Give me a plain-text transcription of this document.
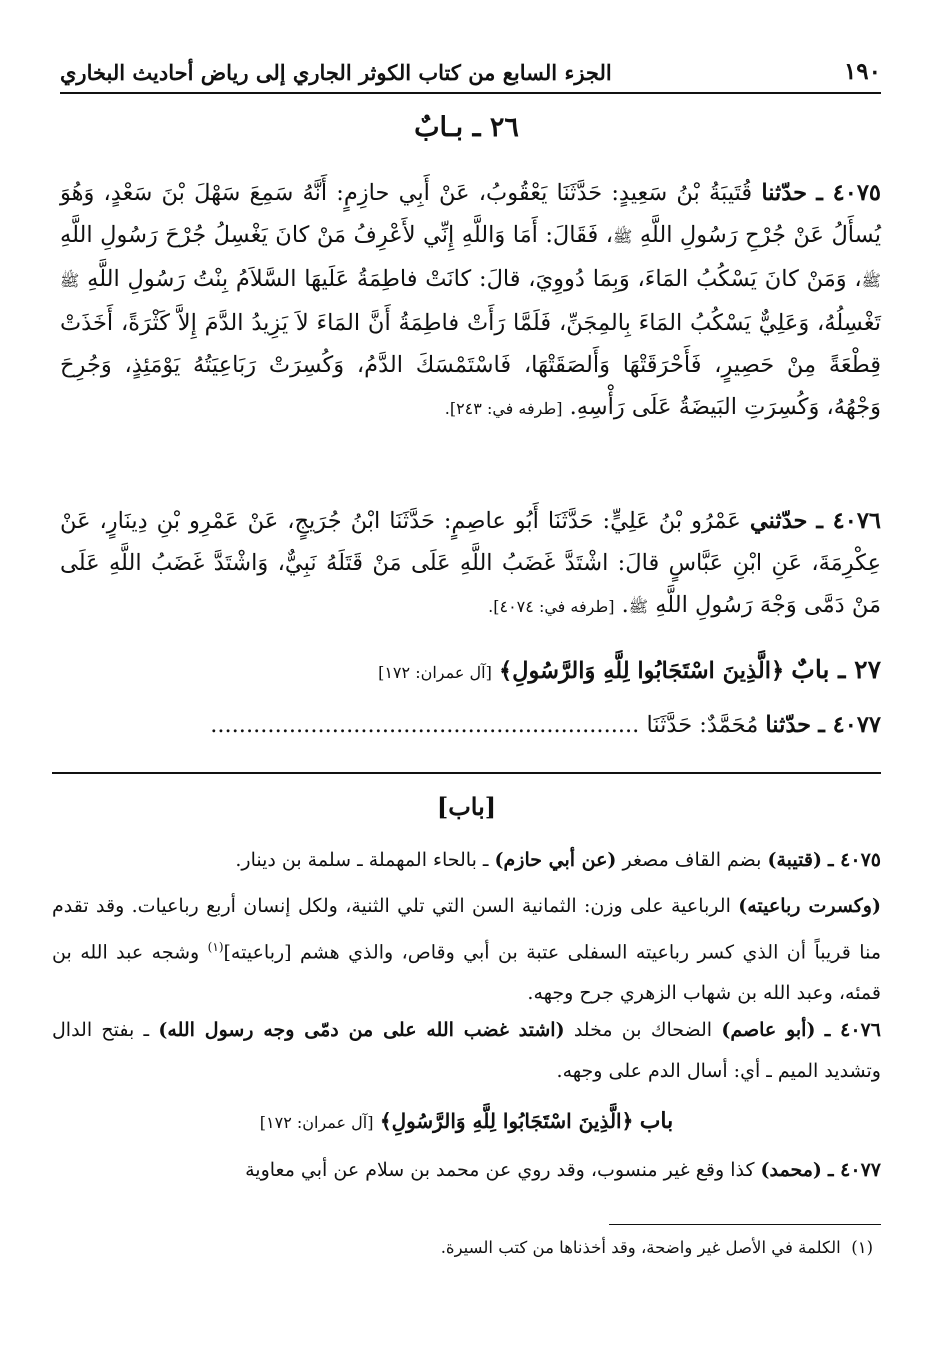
١٩٠
الجزء السابع من كتاب الكوثر الجاري إلى رياض أحاديث البخاري
٢٦ ـ بـابٌ
٤٠٧٥ ـ حدّثنا قُتَيبَةُ بْنُ سَعِيدٍ: حَدَّثَنَا يَعْقُوبُ، عَنْ أَبِي حازِمٍ: أَنَّهُ سَمِعَ سَهْلَ بْنَ سَعْدٍ، وَهُوَ يُسأَلُ عَنْ جُرْحِ رَسُولِ اللَّهِ ﷺ، فَقَالَ: أَمَا وَاللَّهِ إِنِّي لأَعْرِفُ مَنْ كانَ يَغْسِلُ جُرْحَ رَسُولِ اللَّهِ ﷺ، وَمَنْ كانَ يَسْكُبُ المَاءَ، وَبِمَا دُووِيَ، قالَ: كانَتْ فاطِمَةُ عَلَيهَا السَّلاَمُ بِنْتُ رَسُولِ اللَّهِ ﷺ تَغْسِلُهُ، وَعَلِيٌّ يَسْكُبُ المَاءَ بِالمِجَنِّ، فَلَمَّا رَأَتْ فاطِمَةُ أَنَّ المَاءَ لاَ يَزِيدُ الدَّمَ إِلاَّ كَثْرَةً، أَخَذَتْ قِطْعَةً مِنْ حَصِيرٍ، فَأَحْرَقَتْهَا وَأَلصَقَتْهَا، فَاسْتَمْسَكَ الدَّمُ، وَكُسِرَتْ رَبَاعِيَتُهُ يَوْمَئِذٍ، وَجُرِحَ وَجْهُهُ، وَكُسِرَتِ البَيضَةُ عَلَى رَأْسِهِ. [طرفه في: ٢٤٣].
٤٠٧٦ ـ حدّثني عَمْرُو بْنُ عَلِيٍّ: حَدَّثَنَا أَبُو عاصِمٍ: حَدَّثَنَا ابْنُ جُرَيجٍ، عَنْ عَمْرِو بْنِ دِينَارٍ، عَنْ عِكْرِمَةَ، عَنِ ابْنِ عَبَّاسٍ قالَ: اشْتَدَّ غَضَبُ اللَّهِ عَلَى مَنْ قَتَلَهُ نَبِيٌّ، وَاشْتَدَّ غَضَبُ اللَّهِ عَلَى مَنْ دَمَّى وَجْهَ رَسُولِ اللَّهِ ﷺ. [طرفه في: ٤٠٧٤].
٢٧ ـ بابٌ ﴿الَّذِينَ اسْتَجَابُوا لِلَّهِ وَالرَّسُولِ﴾ [آل عمران: ١٧٢]
٤٠٧٧ ـ حدّثنا مُحَمَّدٌ: حَدَّثَنَا ............................................................
[باب]
٤٠٧٥ ـ (قتيبة) بضم القاف مصغر (عن أبي حازم) ـ بالحاء المهملة ـ سلمة بن دينار.
(وكسرت رباعيته) الرباعية على وزن: الثمانية السن التي تلي الثنية، ولكل إنسان أربع رباعيات. وقد تقدم منا قريباً أن الذي كسر رباعيته السفلى عتبة بن أبي وقاص، والذي هشم [رباعيته]$^{(١)}$ وشجه عبد الله بن قمئه، وعبد الله بن شهاب الزهري جرح وجهه.
٤٠٧٦ ـ (أبو عاصم) الضحاك بن مخلد (اشتد غضب الله على من دمّى وجه رسول الله) ـ بفتح الدال وتشديد الميم ـ أي: أسال الدم على وجهه.
باب ﴿الَّذِينَ اسْتَجَابُوا لِلَّهِ وَالرَّسُولِ﴾ [آل عمران: ١٧٢]
٤٠٧٧ ـ (محمد) كذا وقع غير منسوب، وقد روي عن محمد بن سلام عن أبي معاوية
(١)  الكلمة في الأصل غير واضحة، وقد أخذناها من كتب السيرة.
